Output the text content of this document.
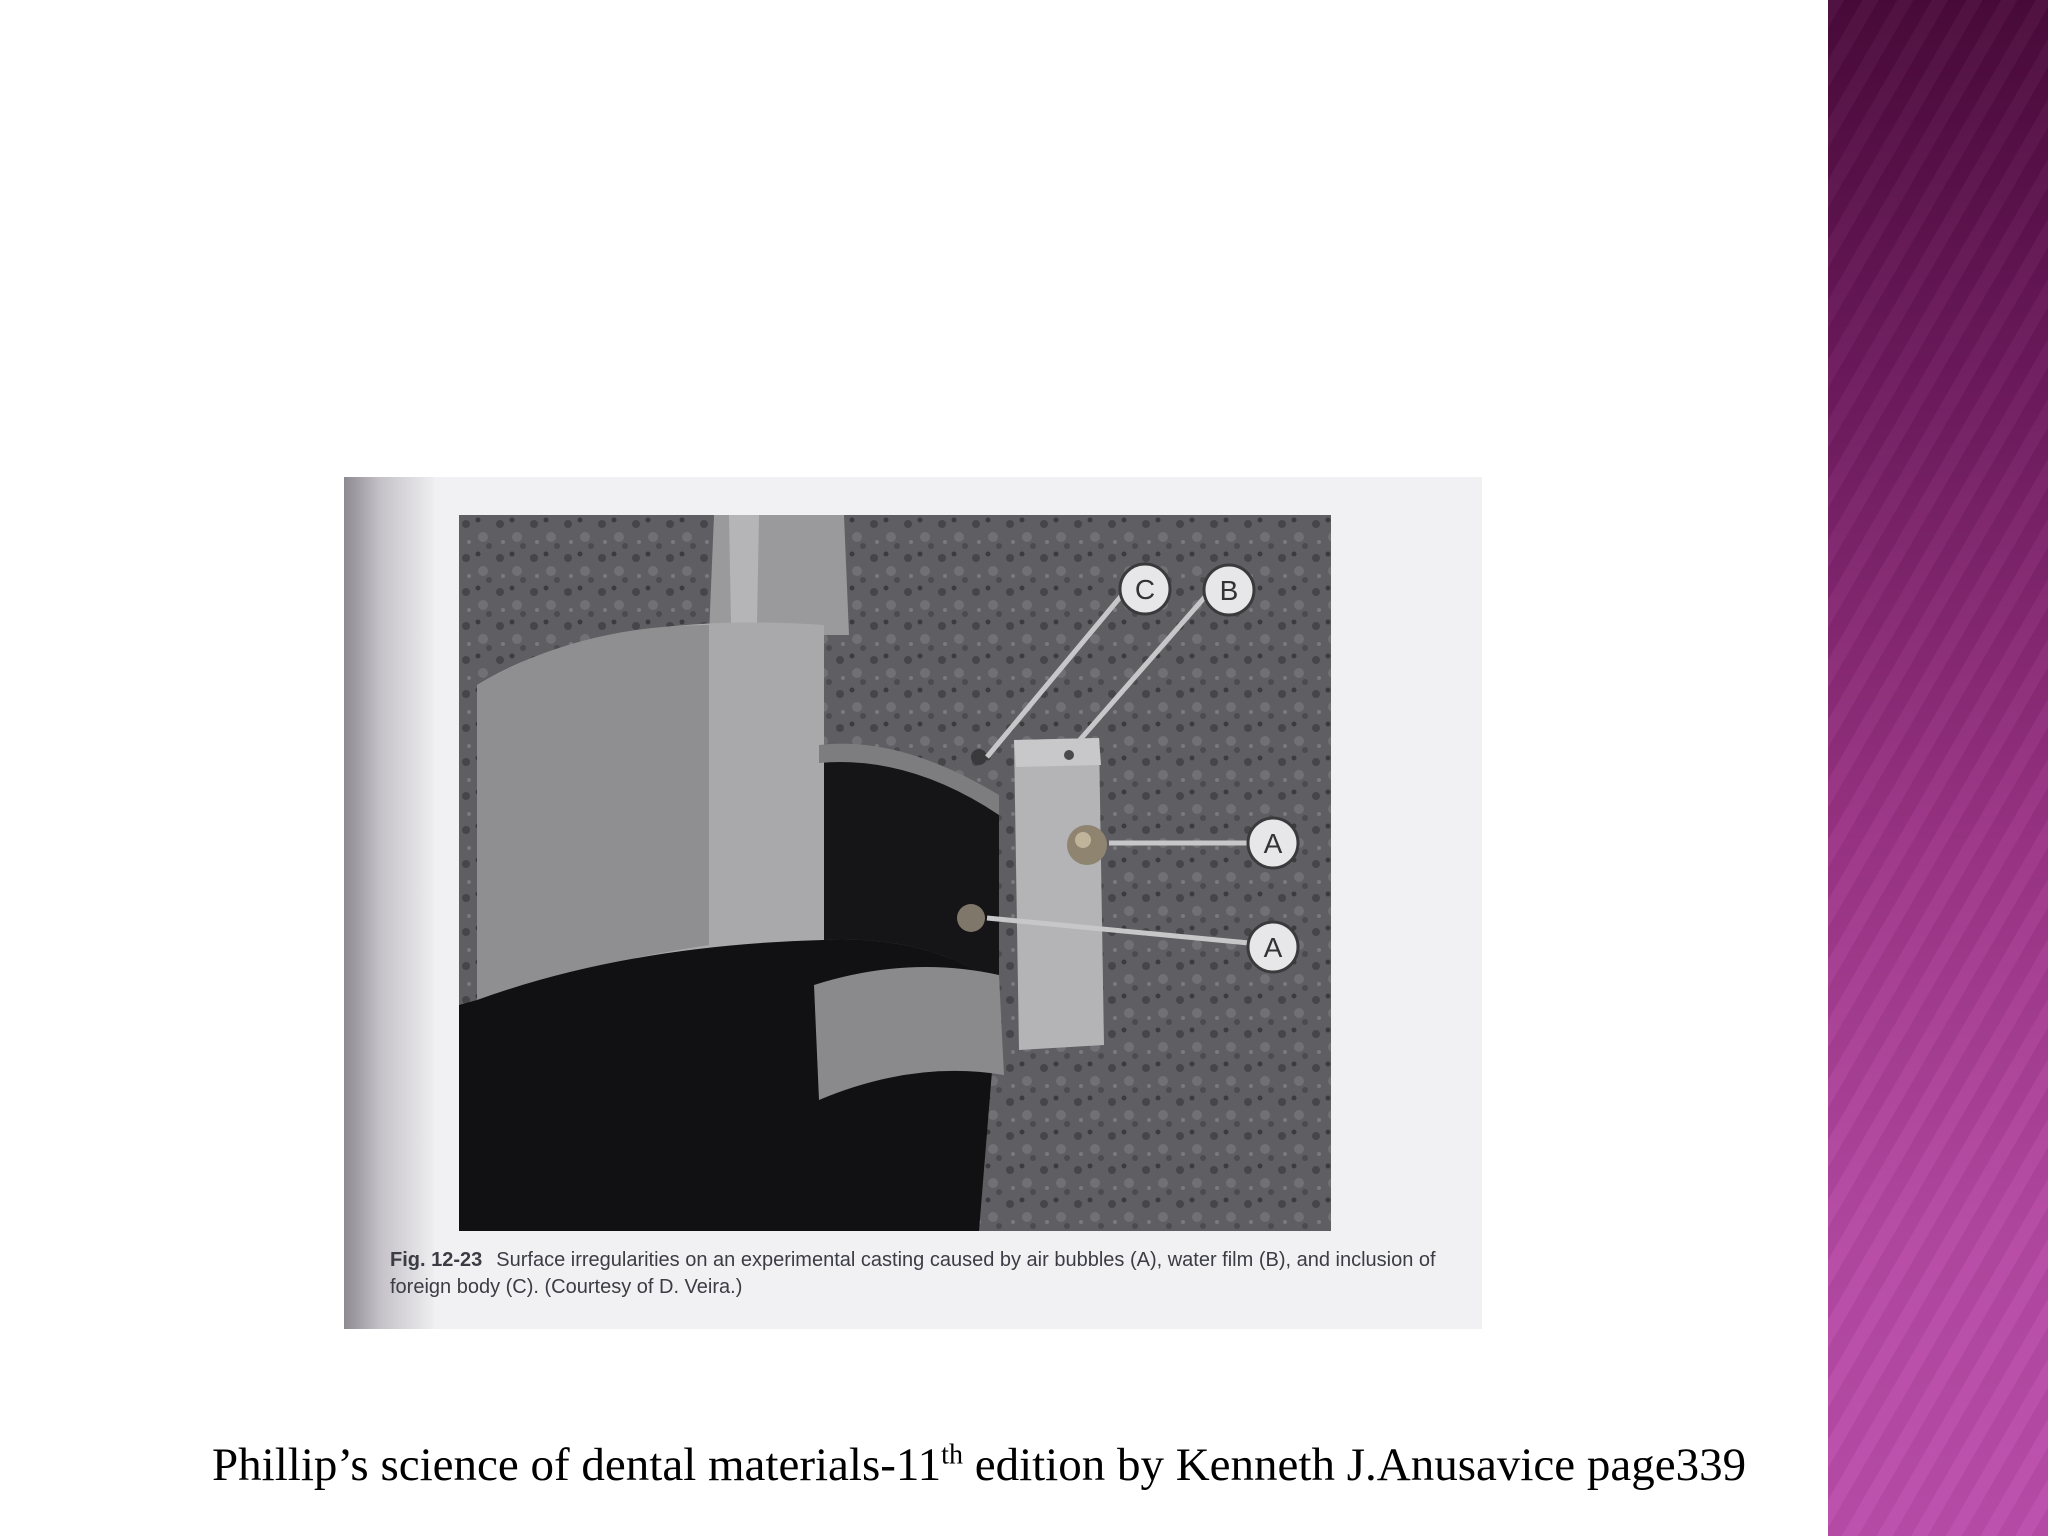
C B
A
A
Fig. 12-23 Surface irregularities on an experimental casting caused by air bubbles (A), water film (B), and inclusion of foreign body (C). (Courtesy of D. Veira.)
Phillip’s science of dental materials-11th edition by Kenneth J.Anusavice page339
